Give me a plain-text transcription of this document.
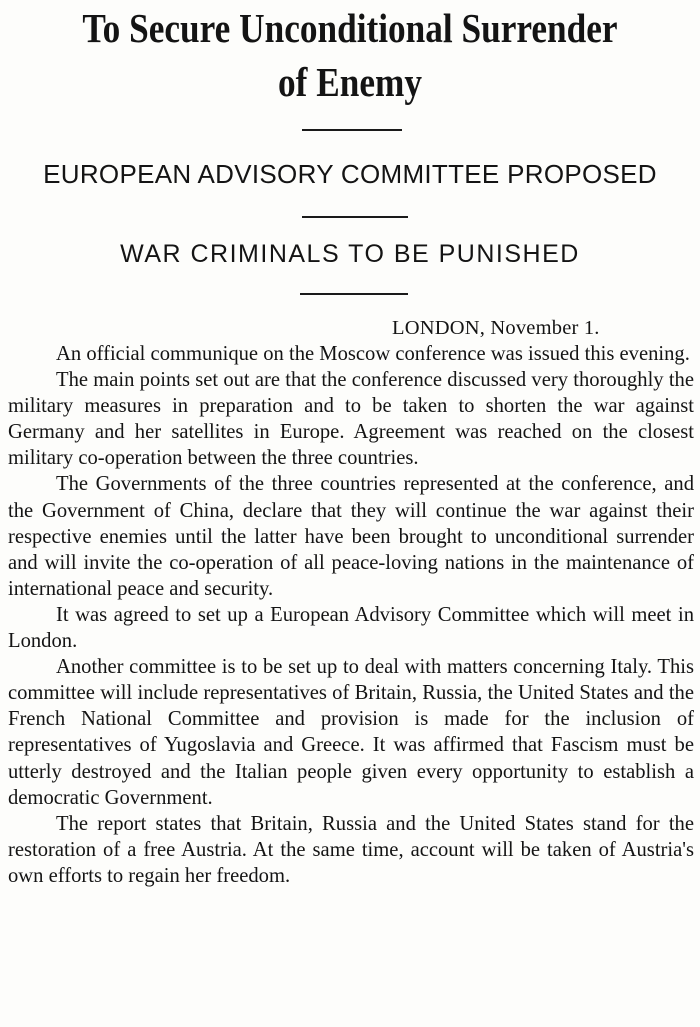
To Secure Unconditional Surrender
of Enemy
EUROPEAN ADVISORY COMMITTEE PROPOSED
WAR CRIMINALS TO BE PUNISHED
LONDON, November 1.

An official communique on the Moscow conference was issued this evening.

The main points set out are that the conference discussed very thoroughly the military measures in preparation and to be taken to shorten the war against Germany and her satellites in Europe. Agreement was reached on the closest military co-operation between the three countries.

The Governments of the three countries represented at the conference, and the Government of China, declare that they will continue the war against their respective enemies until the latter have been brought to unconditional surrender and will invite the co-operation of all peace-loving nations in the maintenance of international peace and security.

It was agreed to set up a European Advisory Committee which will meet in London.

Another committee is to be set up to deal with matters concerning Italy. This committee will include representatives of Britain, Russia, the United States and the French National Committee and provision is made for the inclusion of representatives of Yugoslavia and Greece. It was affirmed that Fascism must be utterly destroyed and the Italian people given every opportunity to establish a democratic Government.

The report states that Britain, Russia and the United States stand for the restoration of a free Austria. At the same time, account will be taken of Austria's own efforts to regain her freedom.
